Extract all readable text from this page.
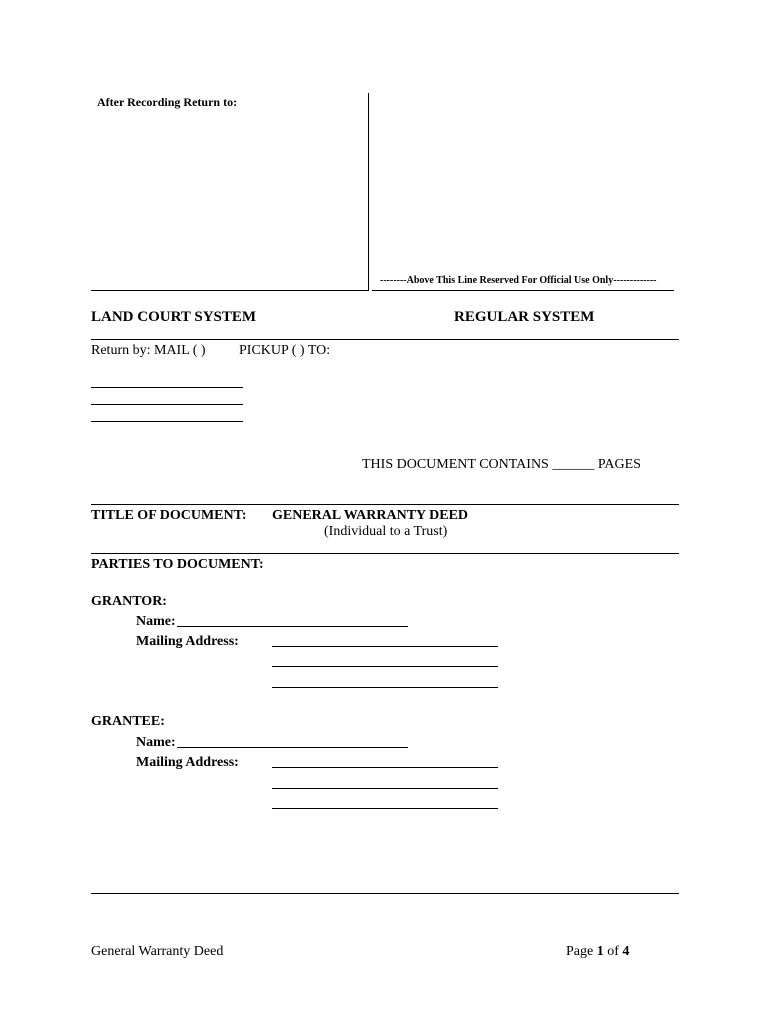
After Recording Return to:
--------Above This Line Reserved For Official Use Only-------------
LAND COURT SYSTEM	REGULAR SYSTEM
Return by: MAIL ( ) PICKUP ( ) TO:
THIS DOCUMENT CONTAINS ______ PAGES
TITLE OF DOCUMENT: GENERAL WARRANTY DEED
(Individual to a Trust)
PARTIES TO DOCUMENT:
GRANTOR:
Name:
Mailing Address:
GRANTEE:
Name:
Mailing Address:
General Warranty Deed	Page 1 of 4
